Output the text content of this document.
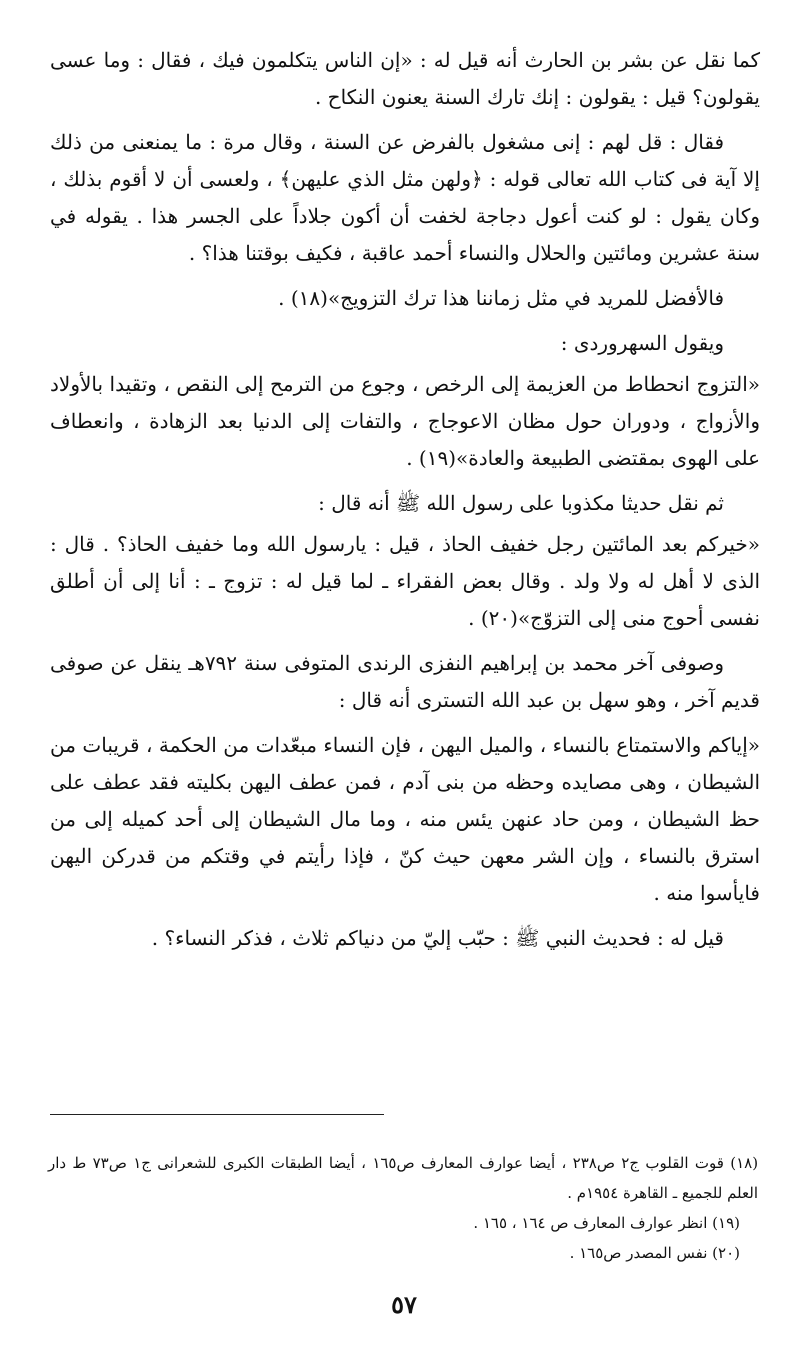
كما نقل عن بشر بن الحارث أنه قيل له : «إن الناس يتكلمون فيك ، فقال : وما عسى يقولون؟ قيل : يقولون : إنك تارك السنة يعنون النكاح .

فقال : قل لهم : إنى مشغول بالفرض عن السنة ، وقال مرة : ما يمنعنى من ذلك إلا آية فى كتاب الله تعالى قوله : ﴿ولهن مثل الذي عليهن﴾ ، ولعسى أن لا أقوم بذلك ، وكان يقول : لو كنت أعول دجاجة لخفت أن أكون جلاداً على الجسر هذا . يقوله في سنة عشرين ومائتين والحلال والنساء أحمد عاقبة ، فكيف بوقتنا هذا؟ .

فالأفضل للمريد في مثل زماننا هذا ترك التزويج»(١٨) .

ويقول السهروردى :

«التزوج انحطاط من العزيمة إلى الرخص ، وجوع من الترمح إلى النقص ، وتقيدا بالأولاد والأزواج ، ودوران حول مظان الاعوجاج ، والتفات إلى الدنيا بعد الزهادة ، وانعطاف على الهوى بمقتضى الطبيعة والعادة»(١٩) .

ثم نقل حديثا مكذوبا على رسول الله ﷺ أنه قال :

«خيركم بعد المائتين رجل خفيف الحاذ ، قيل : يارسول الله وما خفيف الحاذ؟ . قال : الذى لا أهل له ولا ولد . وقال بعض الفقراء ـ لما قيل له : تزوج ـ : أنا إلى أن أطلق نفسى أحوج منى إلى التزوّج»(٢٠) .

وصوفى آخر محمد بن إبراهيم النفزى الرندى المتوفى سنة ٧٩٢هـ ينقل عن صوفى قديم آخر ، وهو سهل بن عبد الله التسترى أنه قال :

«إياكم والاستمتاع بالنساء ، والميل اليهن ، فإن النساء مبعّدات من الحكمة ، قريبات من الشيطان ، وهى مصايده وحظه من بنى آدم ، فمن عطف اليهن بكليته فقد عطف على حظ الشيطان ، ومن حاد عنهن يئس منه ، وما مال الشيطان إلى أحد كميله إلى من استرق بالنساء ، وإن الشر معهن حيث كنّ ، فإذا رأيتم في وقتكم من قدركن اليهن فايأسوا منه .

قيل له : فحديث النبي ﷺ : حبّب إليّ من دنياكم ثلاث ، فذكر النساء؟ .

(١٨) قوت القلوب ج٢ ص٢٣٨ ، أيضا عوارف المعارف ص١٦٥ ، أيضا الطبقات الكبرى للشعرانى ج١ ص٧٣ ط دار العلم للجميع ـ القاهرة ١٩٥٤م .

(١٩) انظر عوارف المعارف ص ١٦٤ ، ١٦٥ .

(٢٠) نفس المصدر ص١٦٥ .

٥٧
